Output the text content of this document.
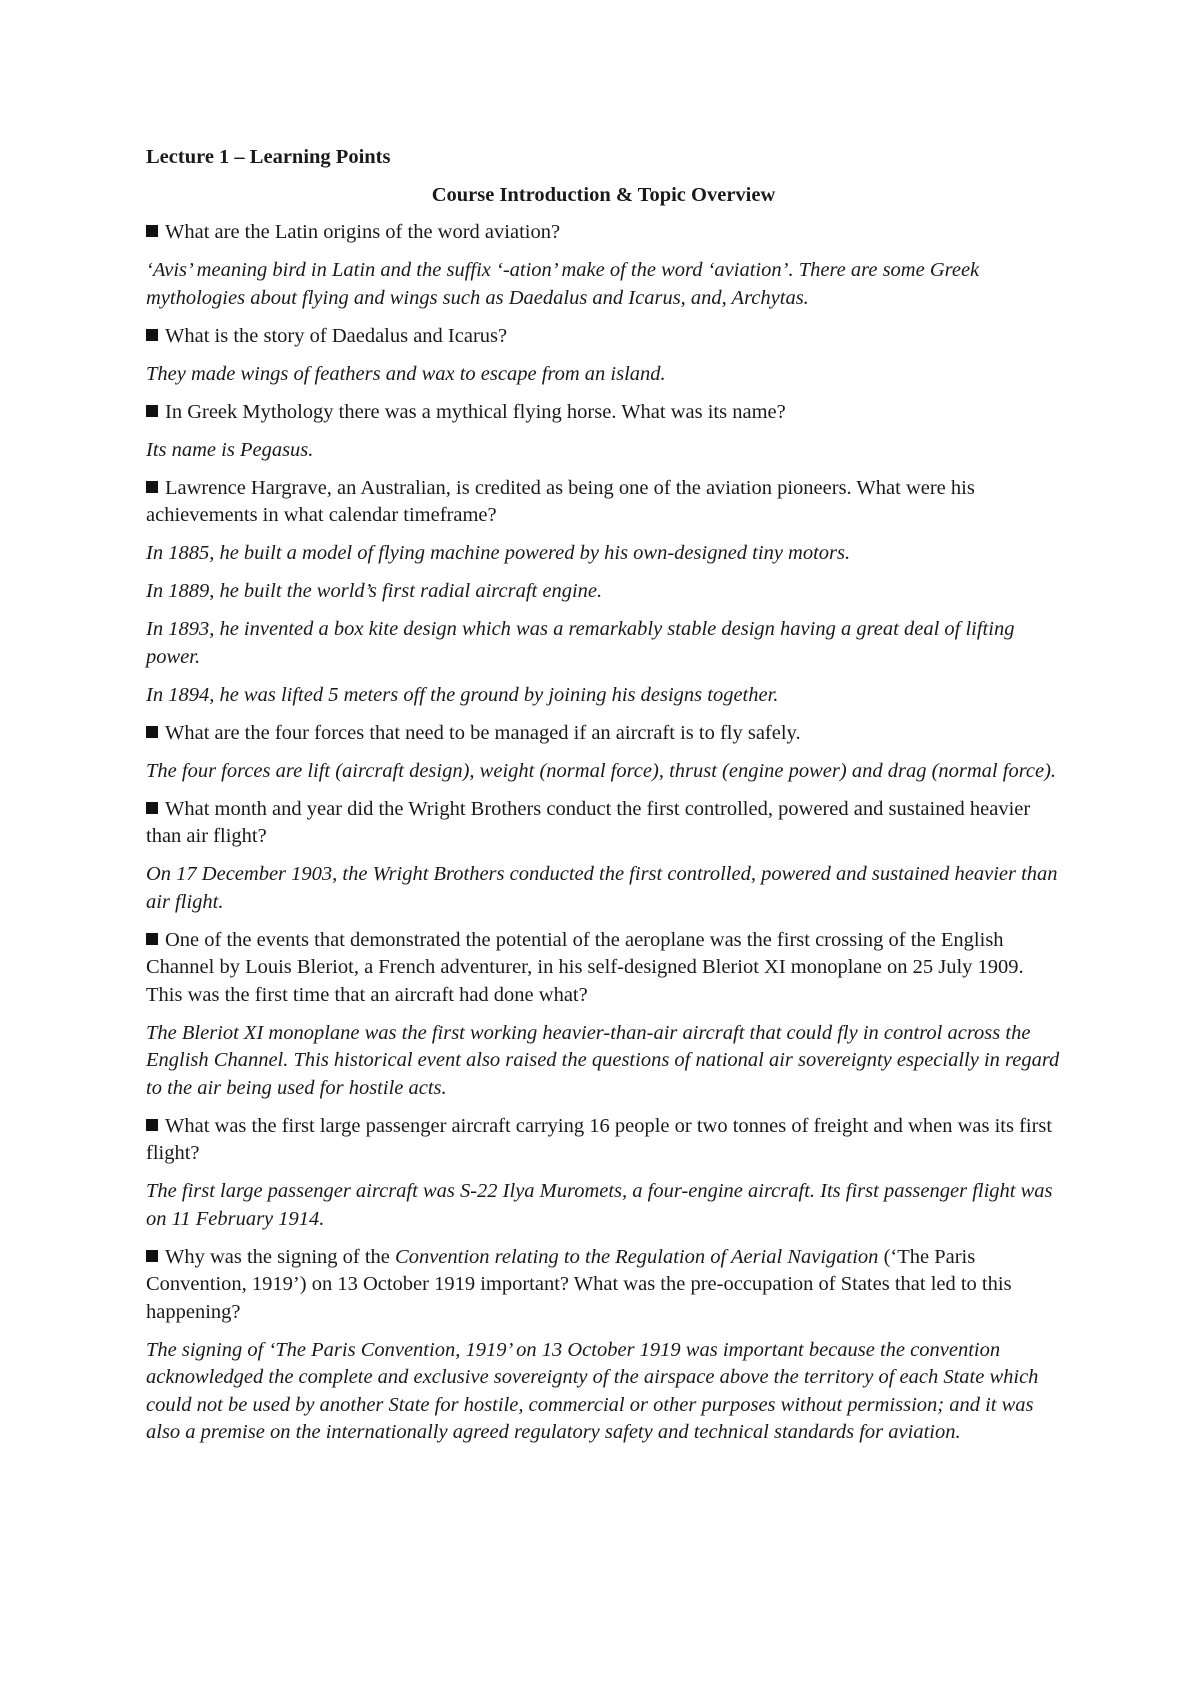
Lecture 1 – Learning Points

Course Introduction & Topic Overview

What are the Latin origins of the word aviation?

‘Avis’ meaning bird in Latin and the suffix ‘-ation’ make of the word ‘aviation’. There are some Greek mythologies about flying and wings such as Daedalus and Icarus, and, Archytas.

What is the story of Daedalus and Icarus?

They made wings of feathers and wax to escape from an island.

In Greek Mythology there was a mythical flying horse. What was its name?

Its name is Pegasus.

Lawrence Hargrave, an Australian, is credited as being one of the aviation pioneers. What were his achievements in what calendar timeframe?

In 1885, he built a model of flying machine powered by his own-designed tiny motors.

In 1889, he built the world’s first radial aircraft engine.

In 1893, he invented a box kite design which was a remarkably stable design having a great deal of lifting power.

In 1894, he was lifted 5 meters off the ground by joining his designs together.

What are the four forces that need to be managed if an aircraft is to fly safely.

The four forces are lift (aircraft design), weight (normal force), thrust (engine power) and drag (normal force).

What month and year did the Wright Brothers conduct the first controlled, powered and sustained heavier than air flight?

On 17 December 1903, the Wright Brothers conducted the first controlled, powered and sustained heavier than air flight.

One of the events that demonstrated the potential of the aeroplane was the first crossing of the English Channel by Louis Bleriot, a French adventurer, in his self-designed Bleriot XI monoplane on 25 July 1909. This was the first time that an aircraft had done what?

The Bleriot XI monoplane was the first working heavier-than-air aircraft that could fly in control across the English Channel. This historical event also raised the questions of national air sovereignty especially in regard to the air being used for hostile acts.

What was the first large passenger aircraft carrying 16 people or two tonnes of freight and when was its first flight?

The first large passenger aircraft was S-22 Ilya Muromets, a four-engine aircraft. Its first passenger flight was on 11 February 1914.

Why was the signing of the Convention relating to the Regulation of Aerial Navigation (‘The Paris Convention, 1919’) on 13 October 1919 important? What was the pre-occupation of States that led to this happening?

The signing of ‘The Paris Convention, 1919’ on 13 October 1919 was important because the convention acknowledged the complete and exclusive sovereignty of the airspace above the territory of each State which could not be used by another State for hostile, commercial or other purposes without permission; and it was also a premise on the internationally agreed regulatory safety and technical standards for aviation.
